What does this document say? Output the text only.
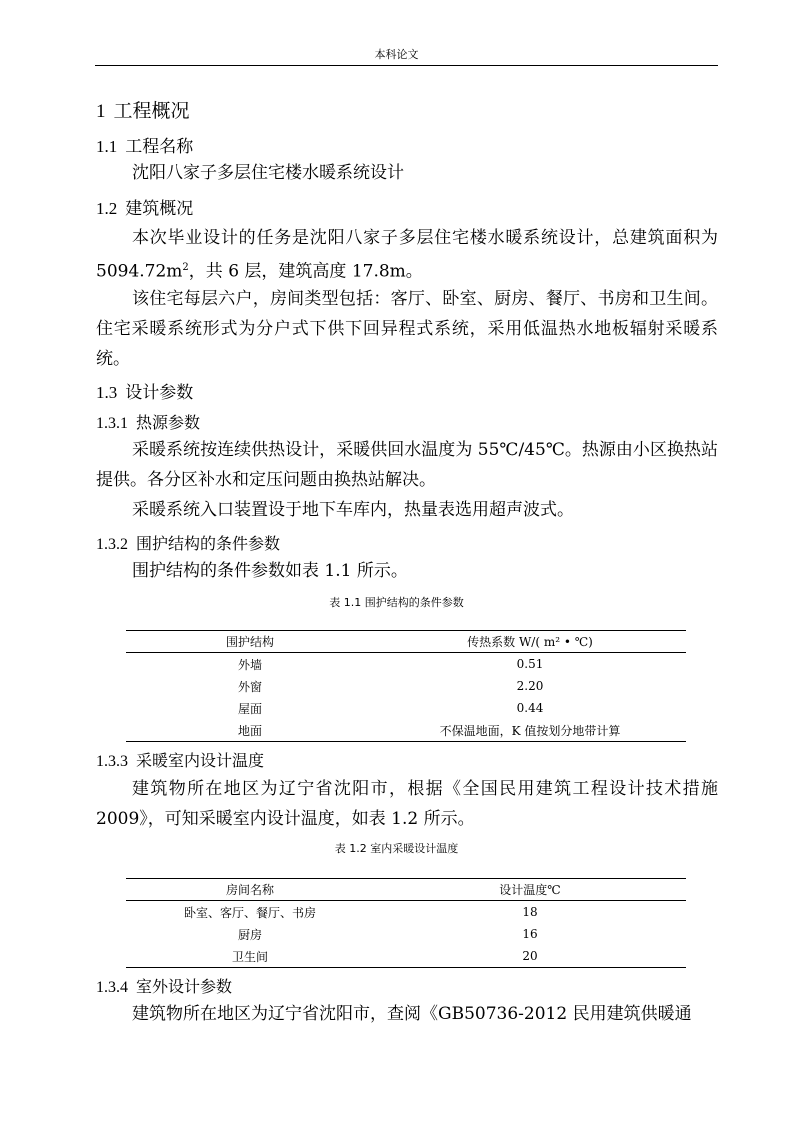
本科论文
1 工程概况
1.1 工程名称

沈阳八家子多层住宅楼水暖系统设计

1.2 建筑概况

本次毕业设计的任务是沈阳八家子多层住宅楼水暖系统设计，总建筑面积为 $5094.72m^2$，共 6 层，建筑高度 17.8m。

该住宅每层六户，房间类型包括：客厅、卧室、厨房、餐厅、书房和卫生间。住宅采暖系统形式为分户式下供下回异程式系统，采用低温热水地板辐射采暖系统。

1.3 设计参数
1.3.1 热源参数

采暖系统按连续供热设计，采暖供回水温度为 55℃/45℃。热源由小区换热站提供。各分区补水和定压问题由换热站解决。

采暖系统入口装置设于地下车库内，热量表选用超声波式。

1.3.2 围护结构的条件参数

围护结构的条件参数如表 1.1 所示。

表 1.1 围护结构的条件参数
围护结构	传热系数 W/( m² • ℃)
外墙	0.51
外窗	2.20
屋面	0.44
地面	不保温地面，K 值按划分地带计算
1.3.3 采暖室内设计温度

建筑物所在地区为辽宁省沈阳市，根据《全国民用建筑工程设计技术措施 2009》，可知采暖室内设计温度，如表 1.2 所示。

表 1.2 室内采暖设计温度
房间名称	设计温度℃
卧室、客厅、餐厅、书房	18
厨房	16
卫生间	20
1.3.4 室外设计参数

建筑物所在地区为辽宁省沈阳市，查阅《GB50736-2012 民用建筑供暖通
